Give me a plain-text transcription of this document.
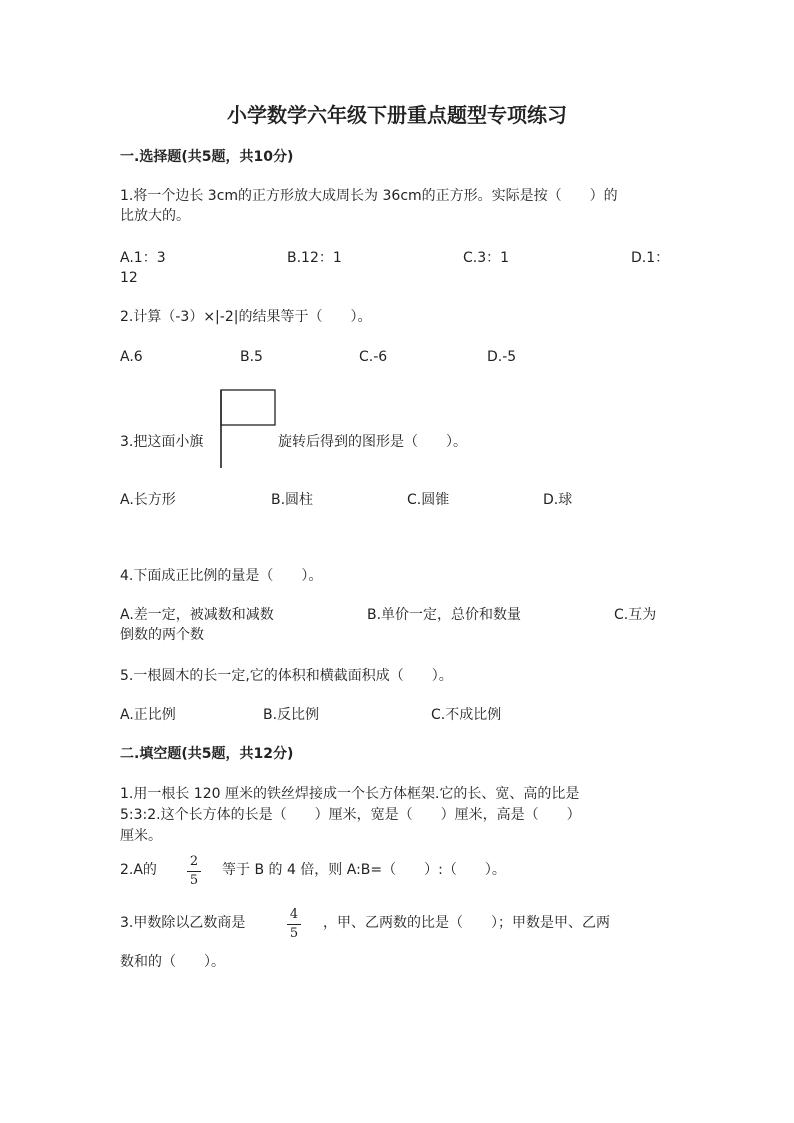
小学数学六年级下册重点题型专项练习
一.选择题(共5题，共10分)
1.将一个边长 3cm的正方形放大成周长为 36cm的正方形。实际是按（　　）的
比放大的。
A.1：3	B.12：1	C.3：1	D.1：
12
2.计算（-3）×|-2|的结果等于（　　）。
A.6	B.5	C.-6	D.-5
3.把这面小旗	旋转后得到的图形是（　　）。
A.长方形	B.圆柱	C.圆锥	D.球
4.下面成正比例的量是（　　）。
A.差一定，被减数和减数	B.单价一定，总价和数量	C.互为
倒数的两个数
5.一根圆木的长一定,它的体积和横截面积成（　　）。
A.正比例	B.反比例	C.不成比例
二.填空题(共5题，共12分)
1.用一根长 120 厘米的铁丝焊接成一个长方体框架.它的长、宽、高的比是
5:3:2.这个长方体的长是（　　）厘米，宽是（　　）厘米，高是（　　）
厘米。
2.A的
2
5
等于 B 的 4 倍，则 A:B=（　　）:（　　）。
3.甲数除以乙数商是
4
5
，甲、乙两数的比是（　　）；甲数是甲、乙两
数和的（　　）。
